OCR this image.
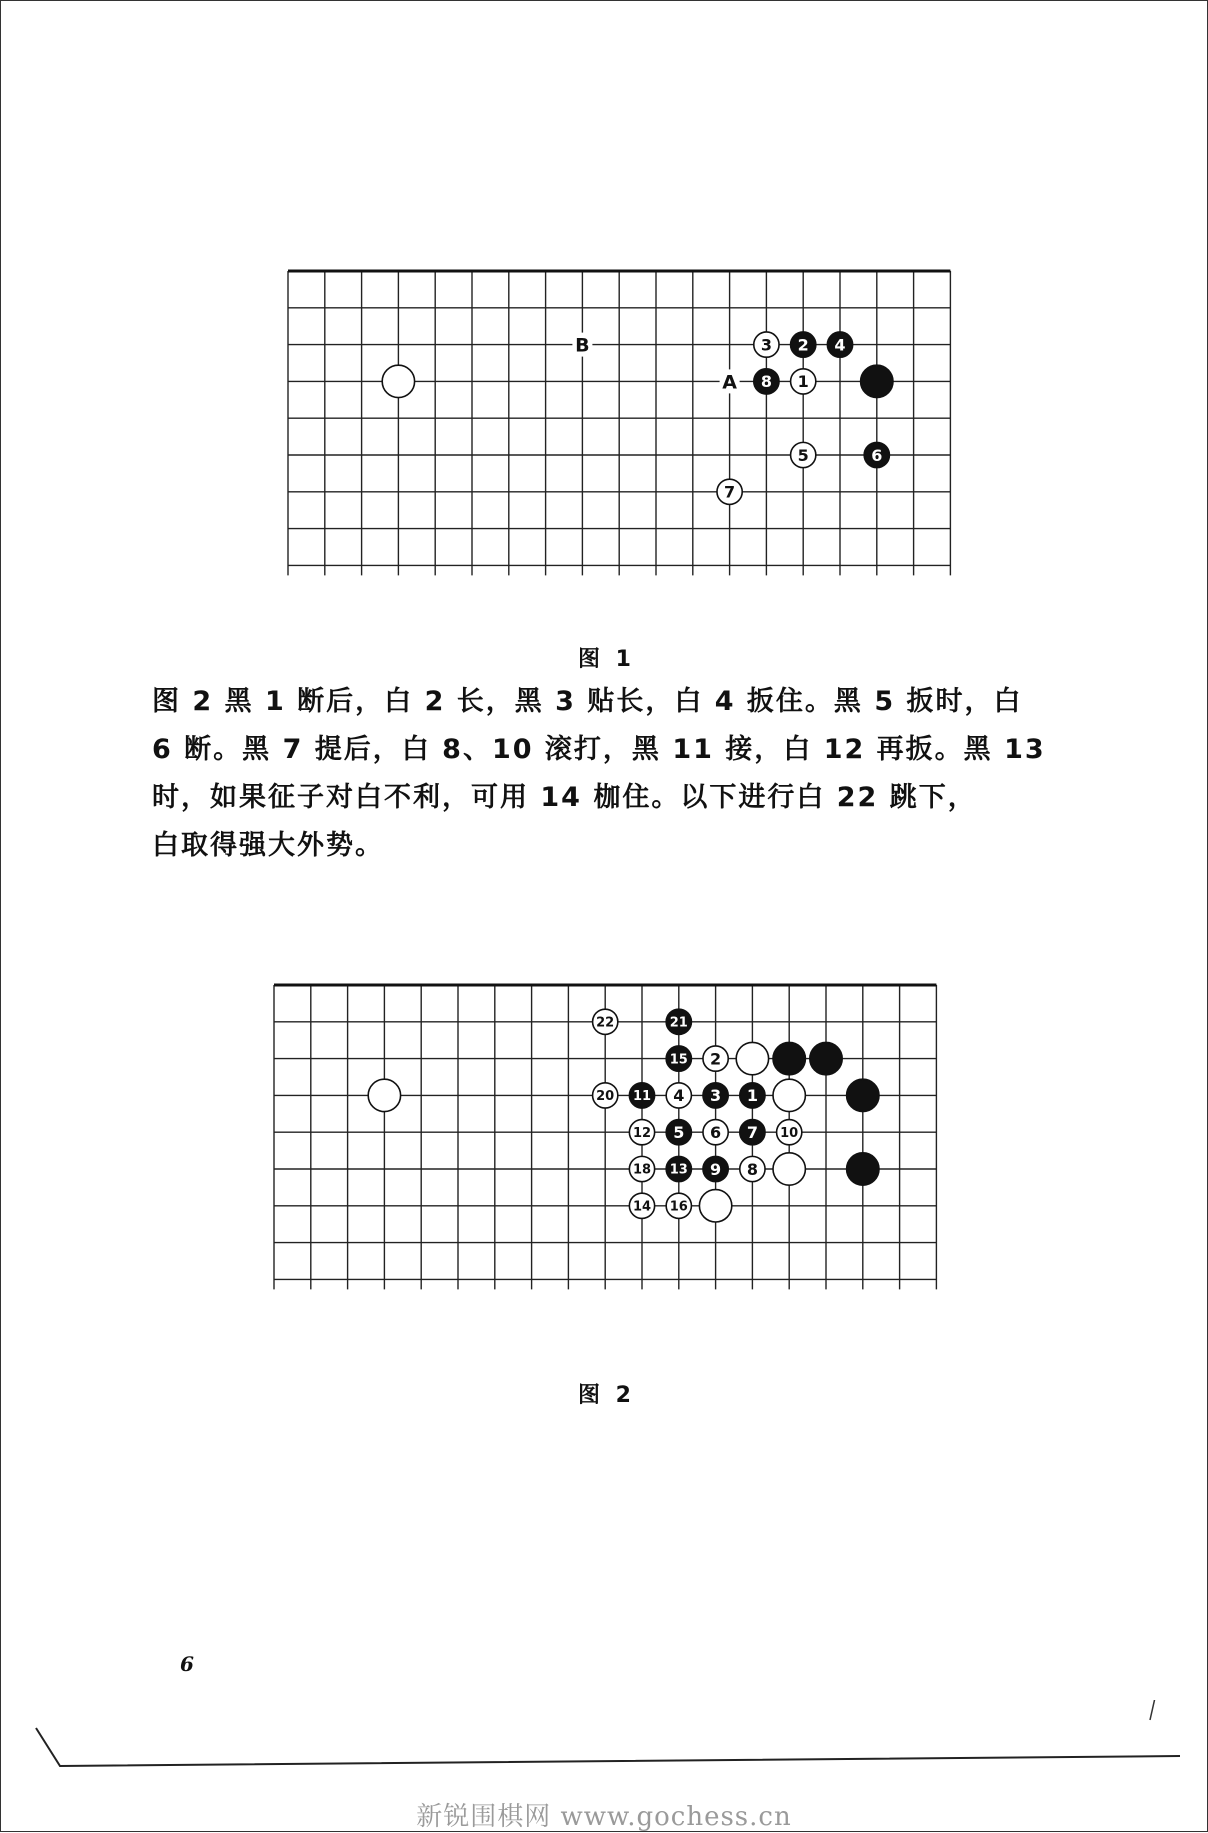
B
A	1
2
3	4
5	6
7
8
图 1
图 2 黑 1 断后，白 2 长，黑 3 贴长，白 4 扳住。黑 5 扳时，白
6 断。黑 7 提后，白 8、10 滚打，黑 11 接，白 12 再扳。黑 13
时，如果征子对白不利，可用 14 枷住。以下进行白 22 跳下，
白取得强大外势。
1
2
3
4
5 6 7
8
9
10
11
12
13
14
15
16
18
20
21
22
图 2
6
新锐围棋网 www.gochess.cn
